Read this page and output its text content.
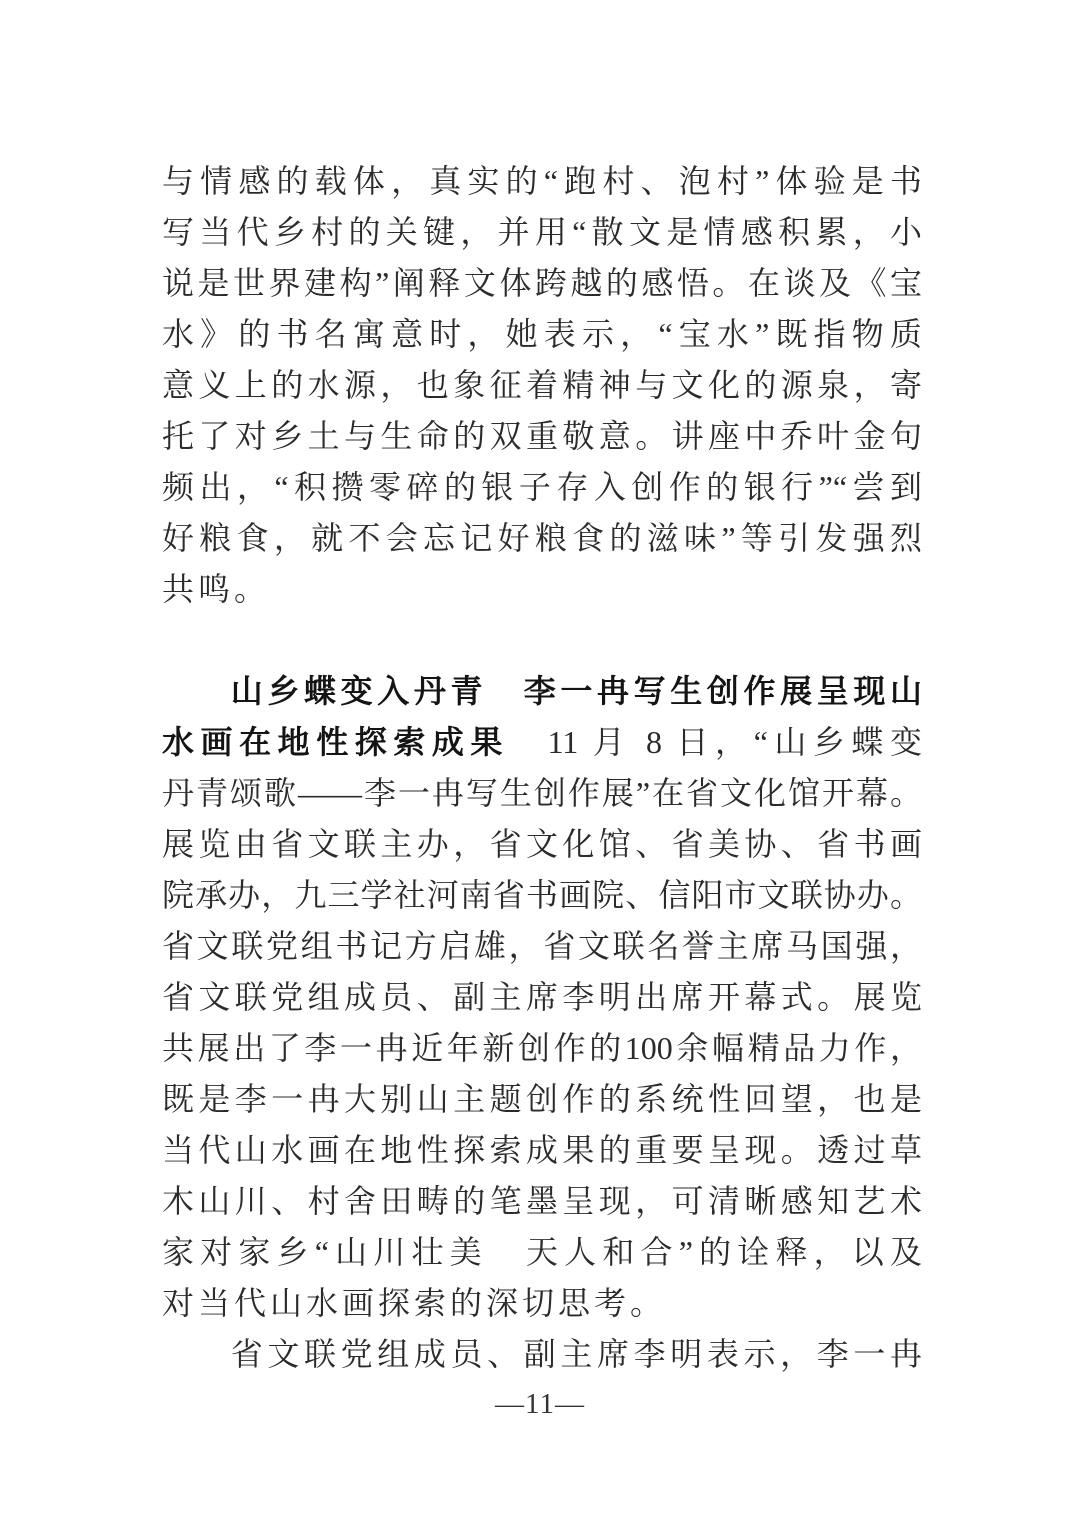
与情感的载体，真实的“跑村、泡村”体验是书
写当代乡村的关键，并用“散文是情感积累，小
说是世界建构”阐释文体跨越的感悟。在谈及《宝
水》的书名寓意时，她表示，“宝水”既指物质
意义上的水源，也象征着精神与文化的源泉，寄
托了对乡土与生命的双重敬意。讲座中乔叶金句
频出，“积攒零碎的银子存入创作的银行”“尝到
好粮食，就不会忘记好粮食的滋味”等引发强烈
共鸣。
山乡蝶变入丹青　李一冉写生创作展呈现山
水画在地性探索成果　11 月 8 日，“山乡蝶变
丹青颂歌——李一冉写生创作展”在省文化馆开幕。
展览由省文联主办，省文化馆、省美协、省书画
院承办，九三学社河南省书画院、信阳市文联协办。
省文联党组书记方启雄，省文联名誉主席马国强，
省文联党组成员、副主席李明出席开幕式。展览
共展出了李一冉近年新创作的100余幅精品力作，
既是李一冉大别山主题创作的系统性回望，也是
当代山水画在地性探索成果的重要呈现。透过草
木山川、村舍田畴的笔墨呈现，可清晰感知艺术
家对家乡“山川壮美　天人和合”的诠释，以及
对当代山水画探索的深切思考。
省文联党组成员、副主席李明表示，李一冉
—11—
